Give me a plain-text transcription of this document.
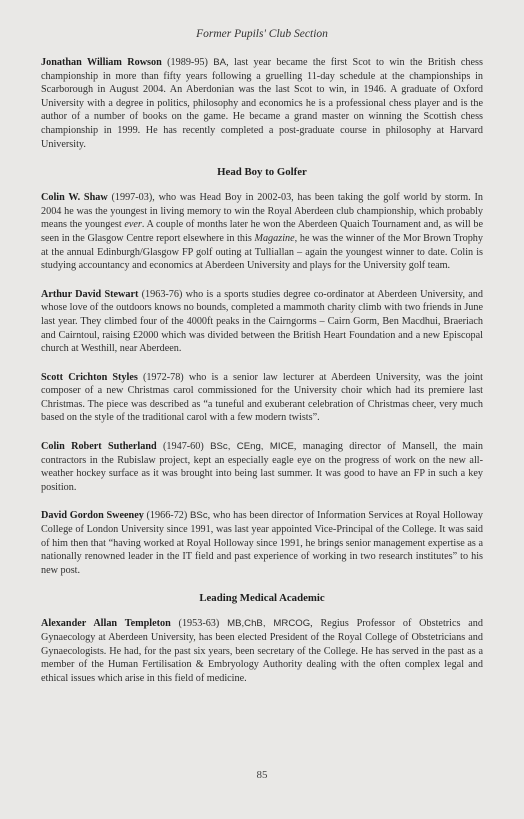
Former Pupils' Club Section

Jonathan William Rowson (1989-95) BA, last year became the first Scot to win the British chess championship in more than fifty years following a gruelling 11-day schedule at the championships in Scarborough in August 2004. An Aberdonian was the last Scot to win, in 1946. A graduate of Oxford University with a degree in politics, philosophy and economics he is a professional chess player and is the author of a number of books on the game. He became a grand master on winning the Scottish chess championship in 1999. He has recently completed a post-graduate course in philosophy at Harvard University.

Head Boy to Golfer

Colin W. Shaw (1997-03), who was Head Boy in 2002-03, has been taking the golf world by storm. In 2004 he was the youngest in living memory to win the Royal Aberdeen club championship, which probably means the youngest ever. A couple of months later he won the Aberdeen Quaich Tournament and, as will be seen in the Glasgow Centre report elsewhere in this Magazine, he was the winner of the Mor Brown Trophy at the annual Edinburgh/Glasgow FP golf outing at Tulliallan – again the youngest winner to date. Colin is studying accountancy and economics at Aberdeen University and plays for the University golf team.

Arthur David Stewart (1963-76) who is a sports studies degree co-ordinator at Aberdeen University, and whose love of the outdoors knows no bounds, completed a mammoth charity climb with two friends in June last year. They climbed four of the 4000ft peaks in the Cairngorms – Cairn Gorm, Ben Macdhui, Braeriach and Cairntoul, raising £2000 which was divided between the British Heart Foundation and a new Episcopal church at Westhill, near Aberdeen.

Scott Crichton Styles (1972-78) who is a senior law lecturer at Aberdeen University, was the joint composer of a new Christmas carol commissioned for the University choir which had its premiere last Christmas. The piece was described as “a tuneful and exuberant celebration of Christmas cheer, very much based on the style of the traditional carol with a few modern twists”.

Colin Robert Sutherland (1947-60) BSc, CEng, MICE, managing director of Mansell, the main contractors in the Rubislaw project, kept an especially eagle eye on the progress of work on the new all-weather hockey surface as it was brought into being last summer. It was good to have an FP in such a key position.

David Gordon Sweeney (1966-72) BSc, who has been director of Information Services at Royal Holloway College of London University since 1991, was last year appointed Vice-Principal of the College. It was said of him then that “having worked at Royal Holloway since 1991, he brings senior management expertise as a nationally renowned leader in the IT field and past experience of working in two research institutes” to his new post.

Leading Medical Academic

Alexander Allan Templeton (1953-63) MB,ChB, MRCOG, Regius Professor of Obstetrics and Gynaecology at Aberdeen University, has been elected President of the Royal College of Obstetricians and Gynaecologists. He had, for the past six years, been secretary of the College. He has served in the past as a member of the Human Fertilisation & Embryology Authority dealing with the often complex legal and ethical issues which arise in this field of medicine.

85
